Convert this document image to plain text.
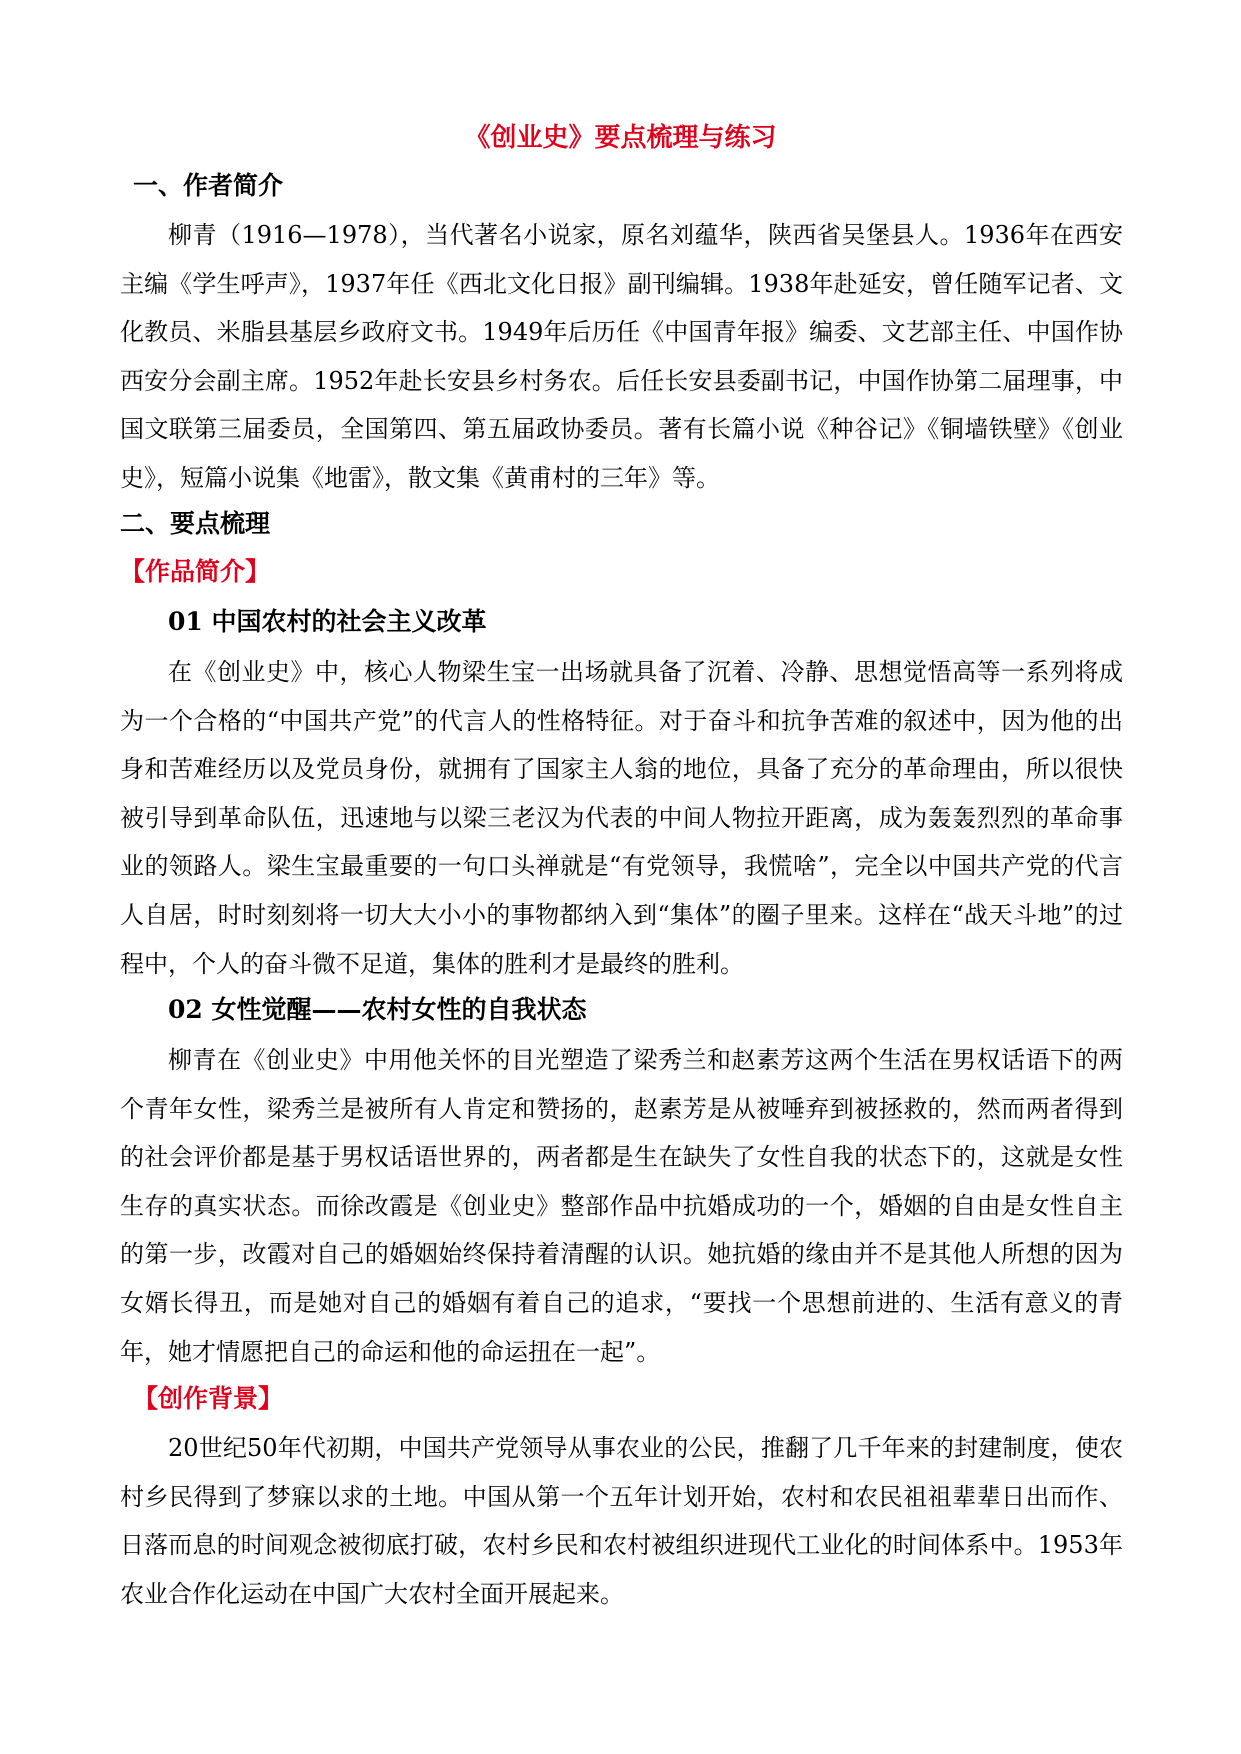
《创业史》要点梳理与练习
一、作者简介
柳青（1916—1978），当代著名小说家，原名刘蕴华，陕西省吴堡县人。1936年在西安主编《学生呼声》，1937年任《西北文化日报》副刊编辑。1938年赴延安，曾任随军记者、文化教员、米脂县基层乡政府文书。1949年后历任《中国青年报》编委、文艺部主任、中国作协西安分会副主席。1952年赴长安县乡村务农。后任长安县委副书记，中国作协第二届理事，中国文联第三届委员，全国第四、第五届政协委员。著有长篇小说《种谷记》《铜墙铁壁》《创业史》，短篇小说集《地雷》，散文集《黄甫村的三年》等。
二、要点梳理
【作品简介】
01 中国农村的社会主义改革
在《创业史》中，核心人物梁生宝一出场就具备了沉着、冷静、思想觉悟高等一系列将成为一个合格的“中国共产党”的代言人的性格特征。对于奋斗和抗争苦难的叙述中，因为他的出身和苦难经历以及党员身份，就拥有了国家主人翁的地位，具备了充分的革命理由，所以很快被引导到革命队伍，迅速地与以梁三老汉为代表的中间人物拉开距离，成为轰轰烈烈的革命事业的领路人。梁生宝最重要的一句口头禅就是“有党领导，我慌啥”，完全以中国共产党的代言人自居，时时刻刻将一切大大小小的事物都纳入到“集体”的圈子里来。这样在“战天斗地”的过程中，个人的奋斗微不足道，集体的胜利才是最终的胜利。
02 女性觉醒——农村女性的自我状态
柳青在《创业史》中用他关怀的目光塑造了梁秀兰和赵素芳这两个生活在男权话语下的两个青年女性，梁秀兰是被所有人肯定和赞扬的，赵素芳是从被唾弃到被拯救的，然而两者得到的社会评价都是基于男权话语世界的，两者都是生在缺失了女性自我的状态下的，这就是女性生存的真实状态。而徐改霞是《创业史》整部作品中抗婚成功的一个，婚姻的自由是女性自主的第一步，改霞对自己的婚姻始终保持着清醒的认识。她抗婚的缘由并不是其他人所想的因为女婿长得丑，而是她对自己的婚姻有着自己的追求，“要找一个思想前进的、生活有意义的青年，她才情愿把自己的命运和他的命运扭在一起”。
【创作背景】
20世纪50年代初期，中国共产党领导从事农业的公民，推翻了几千年来的封建制度，使农村乡民得到了梦寐以求的土地。中国从第一个五年计划开始，农村和农民祖祖辈辈日出而作、日落而息的时间观念被彻底打破，农村乡民和农村被组织进现代工业化的时间体系中。1953年农业合作化运动在中国广大农村全面开展起来。
